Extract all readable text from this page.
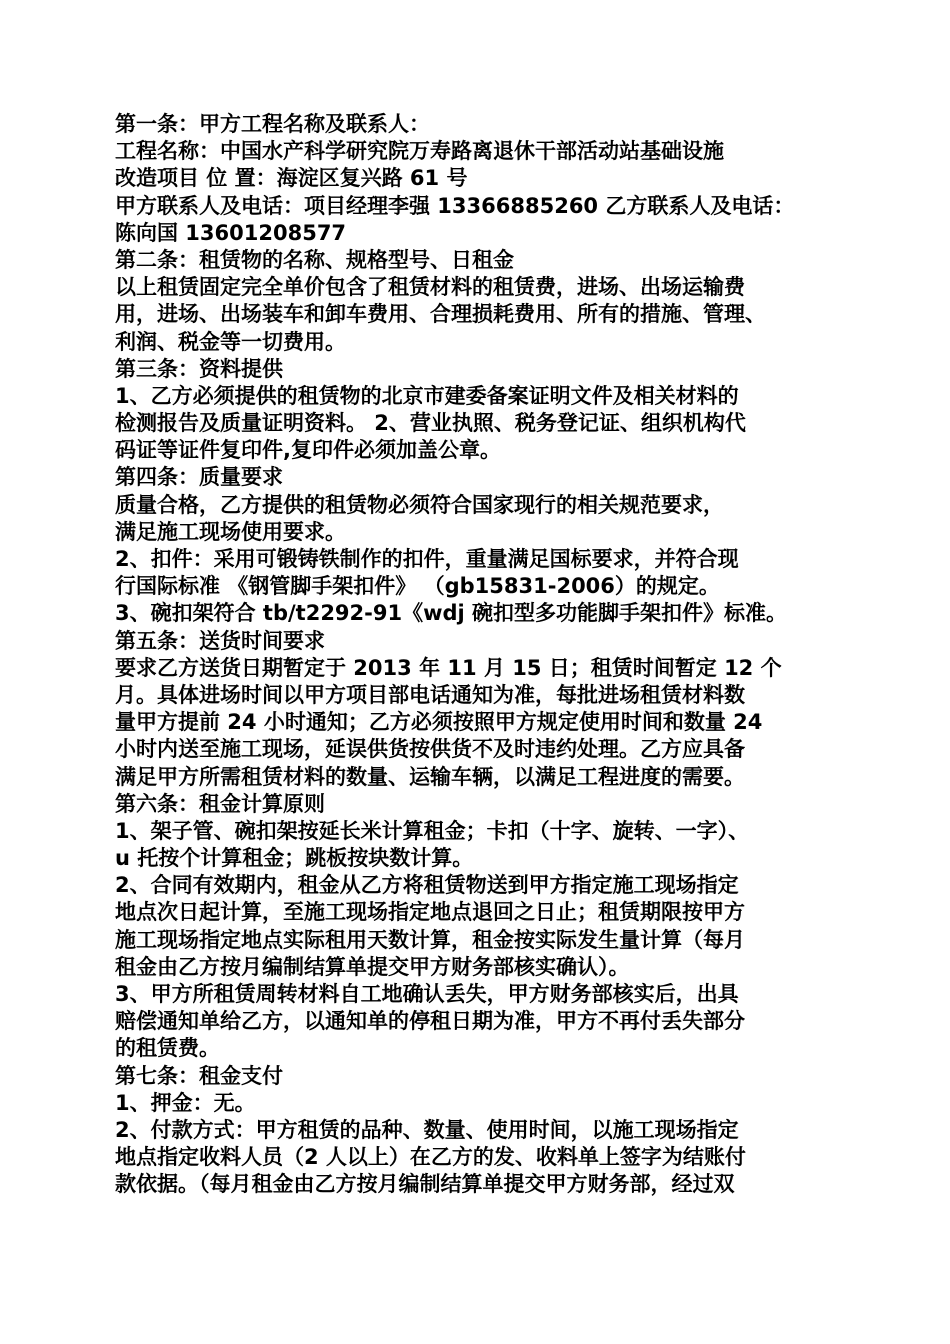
第一条：甲方工程名称及联系人：
工程名称：中国水产科学研究院万寿路离退休干部活动站基础设施
改造项目 位 置：海淀区复兴路 61 号
甲方联系人及电话：项目经理李强 13366885260 乙方联系人及电话：
陈向国 13601208577
第二条：租赁物的名称、规格型号、日租金
以上租赁固定完全单价包含了租赁材料的租赁费，进场、出场运输费
用，进场、出场装车和卸车费用、合理损耗费用、所有的措施、管理、
利润、税金等一切费用。
第三条：资料提供
1、乙方必须提供的租赁物的北京市建委备案证明文件及相关材料的
检测报告及质量证明资料。 2、营业执照、税务登记证、组织机构代
码证等证件复印件,复印件必须加盖公章。
第四条：质量要求
质量合格，乙方提供的租赁物必须符合国家现行的相关规范要求，
满足施工现场使用要求。
2、扣件：采用可锻铸铁制作的扣件，重量满足国标要求，并符合现
行国际标准 《钢管脚手架扣件》 （gb15831-2006）的规定。
3、碗扣架符合 tb/t2292-91《wdj 碗扣型多功能脚手架扣件》标准。
第五条：送货时间要求
要求乙方送货日期暂定于 2013 年 11 月 15 日；租赁时间暂定 12 个
月。具体进场时间以甲方项目部电话通知为准，每批进场租赁材料数
量甲方提前 24 小时通知；乙方必须按照甲方规定使用时间和数量 24
小时内送至施工现场，延误供货按供货不及时违约处理。乙方应具备
满足甲方所需租赁材料的数量、运输车辆，以满足工程进度的需要。
第六条：租金计算原则
1、架子管、碗扣架按延长米计算租金；卡扣（十字、旋转、一字）、
u 托按个计算租金；跳板按块数计算。
2、合同有效期内，租金从乙方将租赁物送到甲方指定施工现场指定
地点次日起计算，至施工现场指定地点退回之日止；租赁期限按甲方
施工现场指定地点实际租用天数计算，租金按实际发生量计算（每月
租金由乙方按月编制结算单提交甲方财务部核实确认）。
3、甲方所租赁周转材料自工地确认丢失，甲方财务部核实后，出具
赔偿通知单给乙方，以通知单的停租日期为准，甲方不再付丢失部分
的租赁费。
第七条：租金支付
1、押金：无。
2、付款方式：甲方租赁的品种、数量、使用时间，以施工现场指定
地点指定收料人员（2 人以上）在乙方的发、收料单上签字为结账付
款依据。（每月租金由乙方按月编制结算单提交甲方财务部，经过双
